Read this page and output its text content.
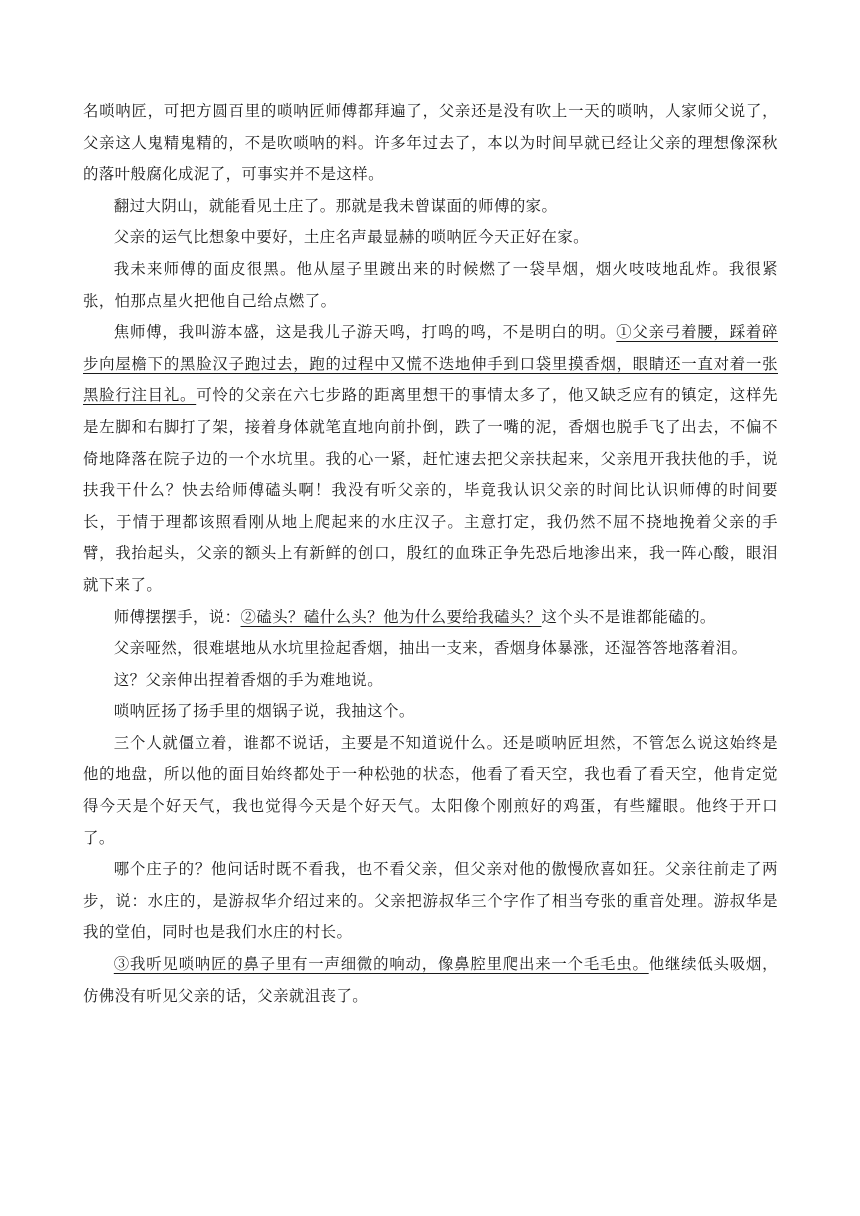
名唢呐匠，可把方圆百里的唢呐匠师傅都拜遍了，父亲还是没有吹上一天的唢呐，人家师父说了，父亲这人鬼精鬼精的，不是吹唢呐的料。许多年过去了，本以为时间早就已经让父亲的理想像深秋的落叶般腐化成泥了，可事实并不是这样。

翻过大阴山，就能看见土庄了。那就是我未曾谋面的师傅的家。

父亲的运气比想象中要好，土庄名声最显赫的唢呐匠今天正好在家。

我未来师傅的面皮很黑。他从屋子里踱出来的时候燃了一袋旱烟，烟火吱吱地乱炸。我很紧张，怕那点星火把他自己给点燃了。

焦师傅，我叫游本盛，这是我儿子游天鸣，打鸣的鸣，不是明白的明。①父亲弓着腰，踩着碎步向屋檐下的黑脸汉子跑过去，跑的过程中又慌不迭地伸手到口袋里摸香烟，眼睛还一直对着一张黑脸行注目礼。可怜的父亲在六七步路的距离里想干的事情太多了，他又缺乏应有的镇定，这样先是左脚和右脚打了架，接着身体就笔直地向前扑倒，跌了一嘴的泥，香烟也脱手飞了出去，不偏不倚地降落在院子边的一个水坑里。我的心一紧，赶忙速去把父亲扶起来，父亲甩开我扶他的手，说扶我干什么？快去给师傅磕头啊！我没有听父亲的，毕竟我认识父亲的时间比认识师傅的时间要长，于情于理都该照看刚从地上爬起来的水庄汉子。主意打定，我仍然不屈不挠地挽着父亲的手臂，我抬起头，父亲的额头上有新鲜的创口，殷红的血珠正争先恐后地渗出来，我一阵心酸，眼泪就下来了。

师傅摆摆手，说：②磕头？磕什么头？他为什么要给我磕头？这个头不是谁都能磕的。

父亲哑然，很难堪地从水坑里捡起香烟，抽出一支来，香烟身体暴涨，还湿答答地落着泪。

这？父亲伸出捏着香烟的手为难地说。

唢呐匠扬了扬手里的烟锅子说，我抽这个。

三个人就僵立着，谁都不说话，主要是不知道说什么。还是唢呐匠坦然，不管怎么说这始终是他的地盘，所以他的面目始终都处于一种松弛的状态，他看了看天空，我也看了看天空，他肯定觉得今天是个好天气，我也觉得今天是个好天气。太阳像个刚煎好的鸡蛋，有些耀眼。他终于开口了。

哪个庄子的？他问话时既不看我，也不看父亲，但父亲对他的傲慢欣喜如狂。父亲往前走了两步，说：水庄的，是游叔华介绍过来的。父亲把游叔华三个字作了相当夸张的重音处理。游叔华是我的堂伯，同时也是我们水庄的村长。

③我听见唢呐匠的鼻子里有一声细微的响动，像鼻腔里爬出来一个毛毛虫。他继续低头吸烟，仿佛没有听见父亲的话，父亲就沮丧了。
